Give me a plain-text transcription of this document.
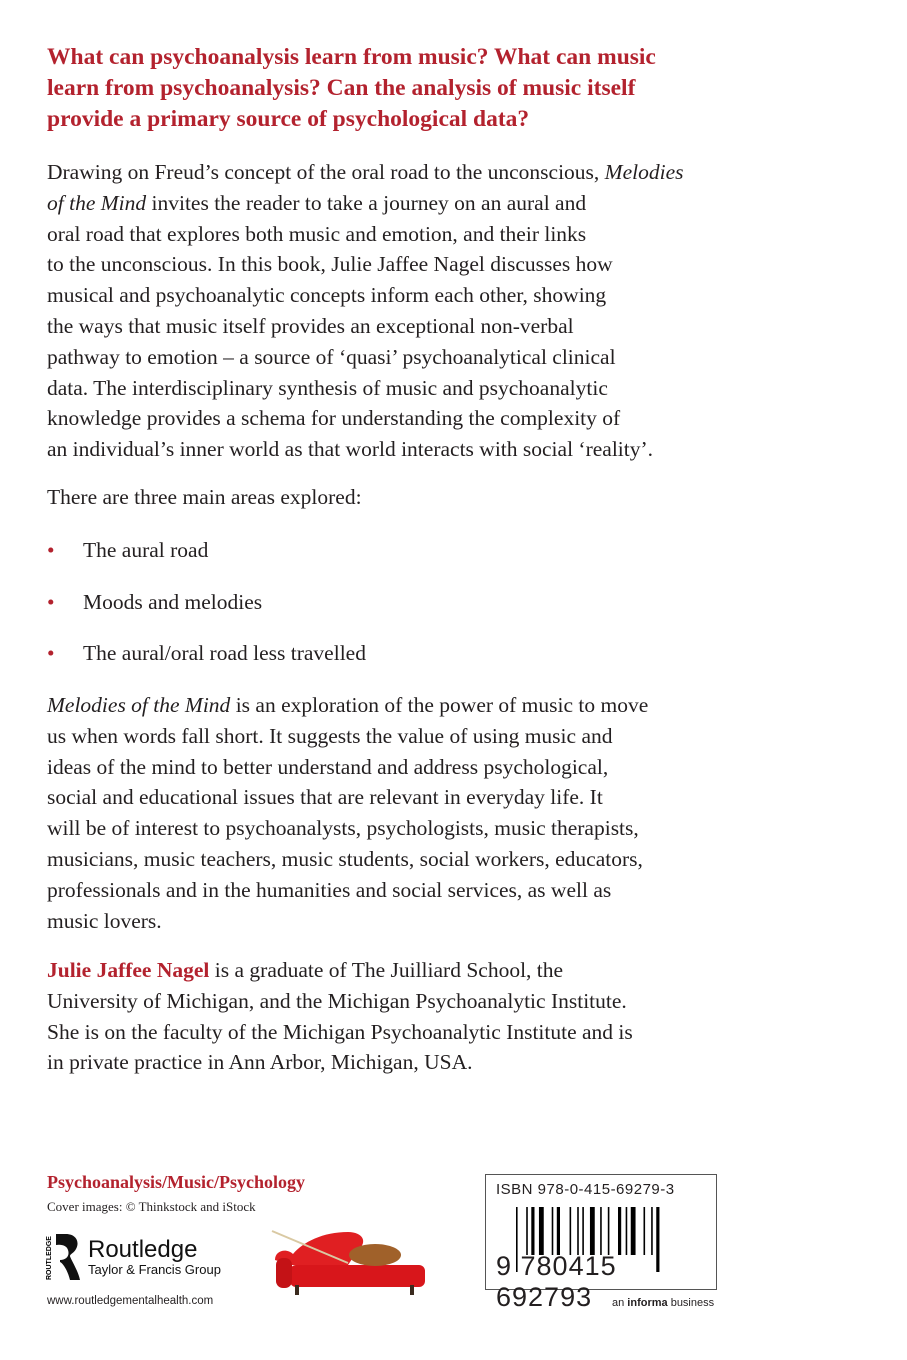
What can psychoanalysis learn from music? What can music
learn from psychoanalysis? Can the analysis of music itself
provide a primary source of psychological data?
Drawing on Freud’s concept of the oral road to the unconscious, Melodies
of the Mind invites the reader to take a journey on an aural and
oral road that explores both music and emotion, and their links
to the unconscious. In this book, Julie Jaffee Nagel discusses how
musical and psychoanalytic concepts inform each other, showing
the ways that music itself provides an exceptional non-verbal
pathway to emotion – a source of ‘quasi’ psychoanalytical clinical
data. The interdisciplinary synthesis of music and psychoanalytic
knowledge provides a schema for understanding the complexity of
an individual’s inner world as that world interacts with social ‘reality’.
There are three main areas explored:
• The aural road
• Moods and melodies
• The aural/oral road less travelled
Melodies of the Mind is an exploration of the power of music to move
us when words fall short. It suggests the value of using music and
ideas of the mind to better understand and address psychological,
social and educational issues that are relevant in everyday life. It
will be of interest to psychoanalysts, psychologists, music therapists,
musicians, music teachers, music students, social workers, educators,
professionals and in the humanities and social services, as well as
music lovers.
Julie Jaffee Nagel is a graduate of The Juilliard School, the
University of Michigan, and the Michigan Psychoanalytic Institute.
She is on the faculty of the Michigan Psychoanalytic Institute and is
in private practice in Ann Arbor, Michigan, USA.
Psychoanalysis/Music/Psychology
Cover images: © Thinkstock and iStock
ROUTLEDGE Routledge
Taylor & Francis Group
www.routledgementalhealth.com
ISBN 978-0-415-69279-3
9 780415 692793	an informa business
